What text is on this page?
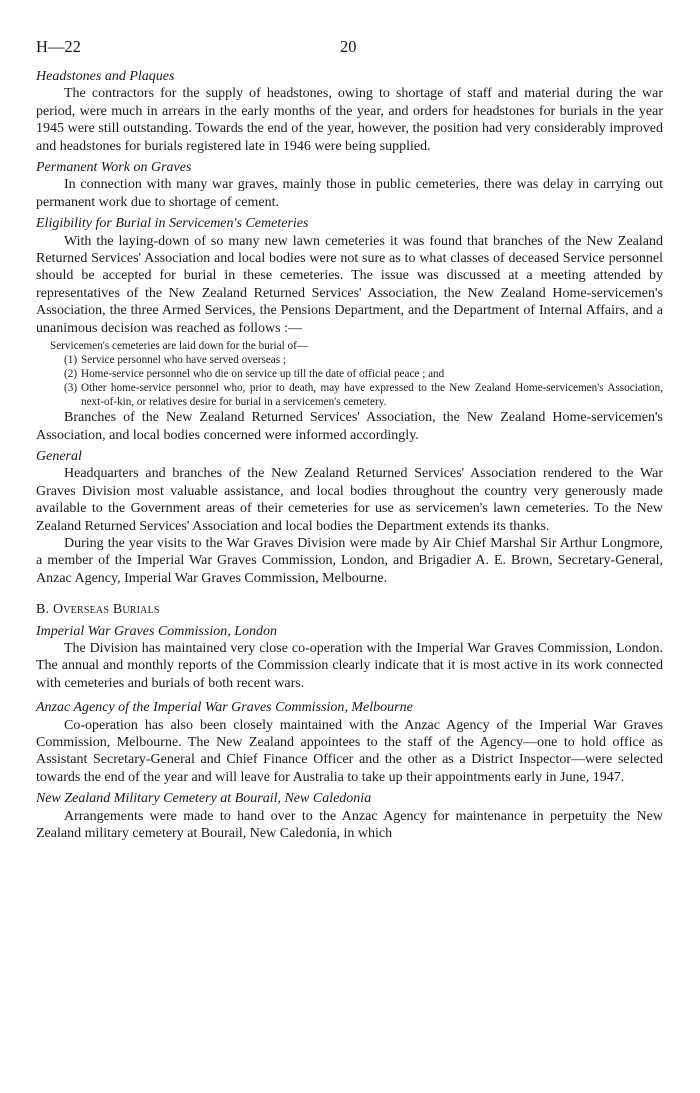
H—22	20

Headstones and Plaques

The contractors for the supply of headstones, owing to shortage of staff and material during the war period, were much in arrears in the early months of the year, and orders for headstones for burials in the year 1945 were still outstanding. Towards the end of the year, however, the position had very considerably improved and headstones for burials registered late in 1946 were being supplied.

Permanent Work on Graves

In connection with many war graves, mainly those in public cemeteries, there was delay in carrying out permanent work due to shortage of cement.

Eligibility for Burial in Servicemen's Cemeteries

With the laying-down of so many new lawn cemeteries it was found that branches of the New Zealand Returned Services' Association and local bodies were not sure as to what classes of deceased Service personnel should be accepted for burial in these cemeteries. The issue was discussed at a meeting attended by representatives of the New Zealand Returned Services' Association, the New Zealand Home-servicemen's Association, the three Armed Services, the Pensions Department, and the Department of Internal Affairs, and a unanimous decision was reached as follows :—

Servicemen's cemeteries are laid down for the burial of—

(1) Service personnel who have served overseas ;
(2) Home-service personnel who die on service up till the date of official peace ; and
(3) Other home-service personnel who, prior to death, may have expressed to the New Zealand Home-servicemen's Association, next-of-kin, or relatives desire for burial in a servicemen's cemetery.

Branches of the New Zealand Returned Services' Association, the New Zealand Home-servicemen's Association, and local bodies concerned were informed accordingly.

General

Headquarters and branches of the New Zealand Returned Services' Association rendered to the War Graves Division most valuable assistance, and local bodies throughout the country very generously made available to the Government areas of their cemeteries for use as servicemen's lawn cemeteries. To the New Zealand Returned Services' Association and local bodies the Department extends its thanks.

During the year visits to the War Graves Division were made by Air Chief Marshal Sir Arthur Longmore, a member of the Imperial War Graves Commission, London, and Brigadier A. E. Brown, Secretary-General, Anzac Agency, Imperial War Graves Commission, Melbourne.

B. Overseas Burials

Imperial War Graves Commission, London

The Division has maintained very close co-operation with the Imperial War Graves Commission, London. The annual and monthly reports of the Commission clearly indicate that it is most active in its work connected with cemeteries and burials of both recent wars.

Anzac Agency of the Imperial War Graves Commission, Melbourne

Co-operation has also been closely maintained with the Anzac Agency of the Imperial War Graves Commission, Melbourne. The New Zealand appointees to the staff of the Agency—one to hold office as Assistant Secretary-General and Chief Finance Officer and the other as a District Inspector—were selected towards the end of the year and will leave for Australia to take up their appointments early in June, 1947.

New Zealand Military Cemetery at Bourail, New Caledonia

Arrangements were made to hand over to the Anzac Agency for maintenance in perpetuity the New Zealand military cemetery at Bourail, New Caledonia, in which
